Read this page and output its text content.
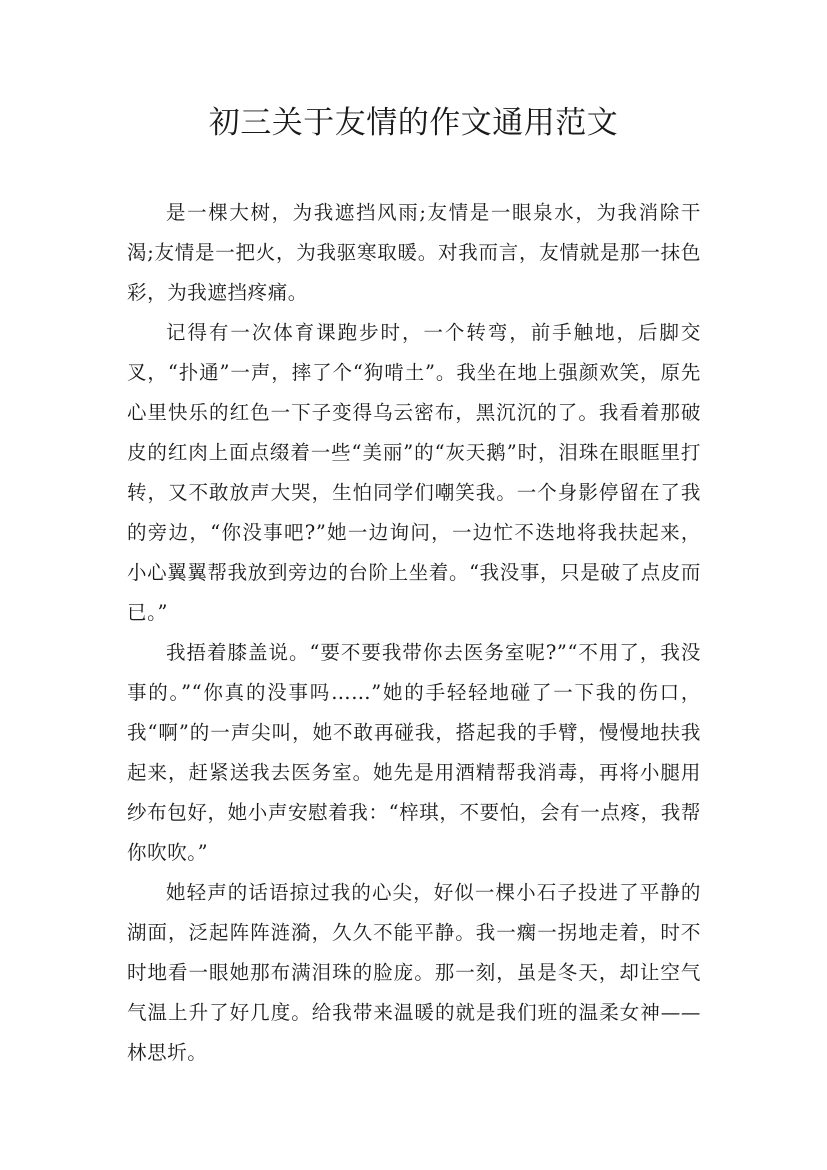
初三关于友情的作文通用范文

是一棵大树，为我遮挡风雨;友情是一眼泉水，为我消除干渴;友情是一把火，为我驱寒取暖。对我而言，友情就是那一抹色彩，为我遮挡疼痛。

记得有一次体育课跑步时，一个转弯，前手触地，后脚交叉，“扑通”一声，摔了个“狗啃土”。我坐在地上强颜欢笑，原先心里快乐的红色一下子变得乌云密布，黑沉沉的了。我看着那破皮的红肉上面点缀着一些“美丽”的“灰天鹅”时，泪珠在眼眶里打转，又不敢放声大哭，生怕同学们嘲笑我。一个身影停留在了我的旁边，“你没事吧?”她一边询问，一边忙不迭地将我扶起来，小心翼翼帮我放到旁边的台阶上坐着。“我没事，只是破了点皮而已。”

我捂着膝盖说。“要不要我带你去医务室呢?”“不用了，我没事的。”“你真的没事吗……”她的手轻轻地碰了一下我的伤口，我“啊”的一声尖叫，她不敢再碰我，搭起我的手臂，慢慢地扶我起来，赶紧送我去医务室。她先是用酒精帮我消毒，再将小腿用纱布包好，她小声安慰着我：“梓琪，不要怕，会有一点疼，我帮你吹吹。”

她轻声的话语掠过我的心尖，好似一棵小石子投进了平静的湖面，泛起阵阵涟漪，久久不能平静。我一瘸一拐地走着，时不时地看一眼她那布满泪珠的脸庞。那一刻，虽是冬天，却让空气气温上升了好几度。给我带来温暖的就是我们班的温柔女神——林思圻。
